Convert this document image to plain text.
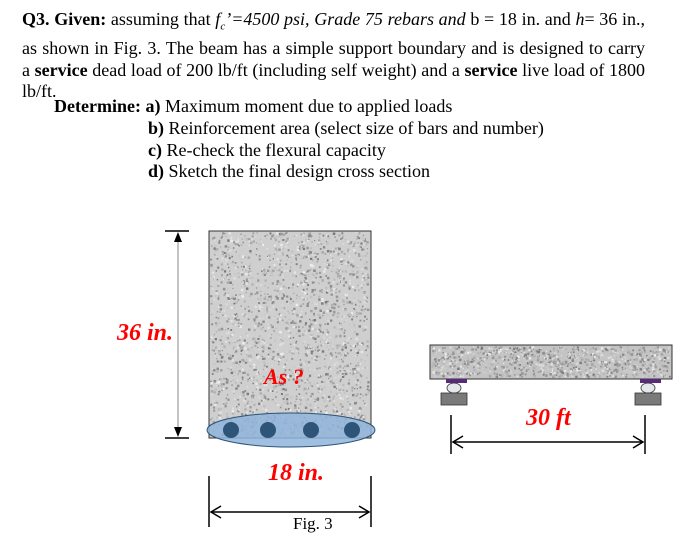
Q3. Given: assuming that $f_c’=4500$ psi, Grade 75 rebars and b = 18 in. and h= 36 in., as shown in Fig. 3. The beam has a simple support boundary and is designed to carry a service dead load of 200 lb/ft (including self weight) and a service live load of 1800 lb/ft.
Determine: a) Maximum moment due to applied loads
b) Reinforcement area (select size of bars and number)
c) Re-check the flexural capacity
d) Sketch the final design cross section
36 in.
As ?
18 in.
Fig. 3
30 ft
